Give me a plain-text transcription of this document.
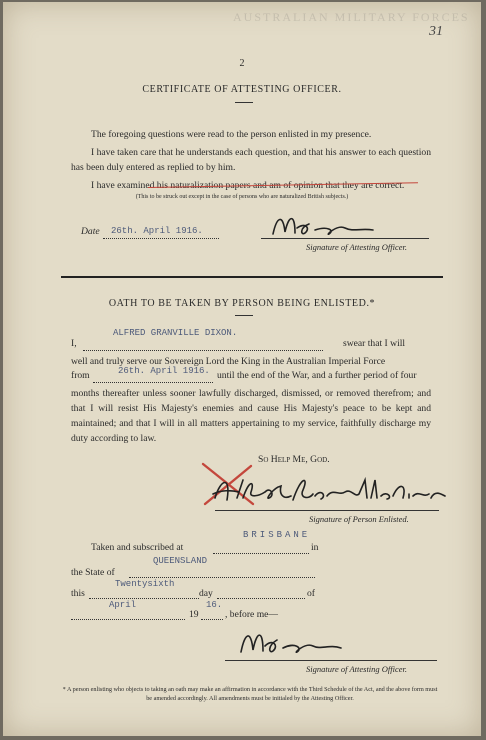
AUSTRALIAN MILITARY FORCES
31
2
CERTIFICATE OF ATTESTING OFFICER.
The foregoing questions were read to the person enlisted in my presence.
I have taken care that he understands each question, and that his answer to each question has been duly entered as replied to by him.
I have examined his naturalization papers and am of opinion that they are correct.
(This to be struck out except in the case of persons who are naturalized British subjects.)
Date 26th. April 1916.
Signature of Attesting Officer.
OATH TO BE TAKEN BY PERSON BEING ENLISTED.*
I,
ALFRED GRANVILLE DIXON.
swear that I will
well and truly serve our Sovereign Lord the King in the Australian Imperial Force
from	26th. April 1916. until the end of the War, and a further period of four
months thereafter unless sooner lawfully discharged, dismissed, or removed therefrom; and that I will resist His Majesty's enemies and cause His Majesty's peace to be kept and maintained; and that I will in all matters appertaining to my service, faithfully discharge my duty according to law.
So Help Me, God.
Signature of Person Enlisted.
Taken and subscribed at
BRISBANE
in
the State of
QUEENSLAND
this
Twentysixth
day	of
April
19
16.
, before me—
Signature of Attesting Officer.
* A person enlisting who objects to taking an oath may make an affirmation in accordance with the Third Schedule of the Act, and the above form must be amended accordingly. All amendments must be initialed by the Attesting Officer.
